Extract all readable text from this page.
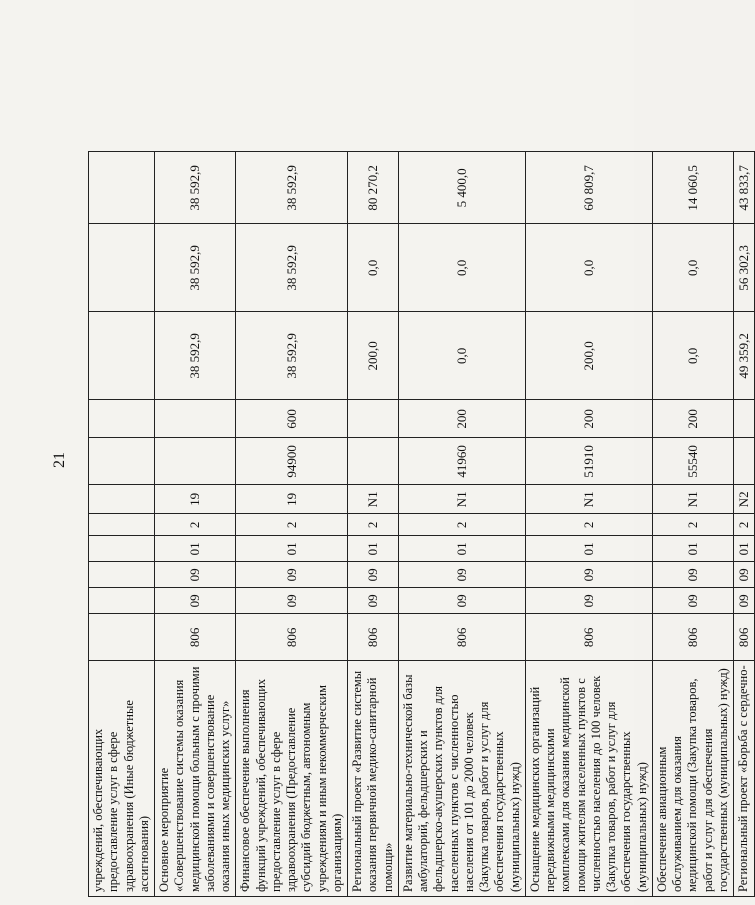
21
учреждений, обеспечивающих предоставление услуг в сфере здравоохранения (Иные бюджетные ассигнования)											
Основное мероприятие «Совершенствование системы оказания медицинской помощи больным с прочими заболеваниями и совершенствование оказания иных медицинских услуг»	806	09	09	01	2	19			38 592,9	38 592,9	38 592,9
Финансовое обеспечение выполнения функций учреждений, обеспечивающих предоставление услуг в сфере здравоохранения (Предоставление субсидий бюджетным, автономным учреждениям и иным некоммерческим организациям)	806	09	09	01	2	19	94900	600	38 592,9	38 592,9	38 592,9
Региональный проект «Развитие системы оказания первичной медико-санитарной помощи»	806	09	09	01	2	N1			200,0	0,0	80 270,2
Развитие материально-технической базы амбулаторий, фельдшерских и фельдшерско-акушерских пунктов для населенных пунктов с численностью населения от 101 до 2000 человек (Закупка товаров, работ и услуг для обеспечения государственных (муниципальных) нужд)	806	09	09	01	2	N1	41960	200	0,0	0,0	5 400,0
Оснащение медицинских организаций передвижными медицинскими комплексами для оказания медицинской помощи жителям населенных пунктов с численностью населения до 100 человек (Закупка товаров, работ и услуг для обеспечения государственных (муниципальных) нужд)	806	09	09	01	2	N1	51910	200	200,0	0,0	60 809,7
Обеспечение авиационным обслуживанием для оказания медицинской помощи (Закупка товаров, работ и услуг для обеспечения государственных (муниципальных) нужд)	806	09	09	01	2	N1	55540	200	0,0	0,0	14 060,5
Региональный проект «Борьба с сердечно-	806	09	09	01	2	N2			49 359,2	56 302,3	43 833,7
